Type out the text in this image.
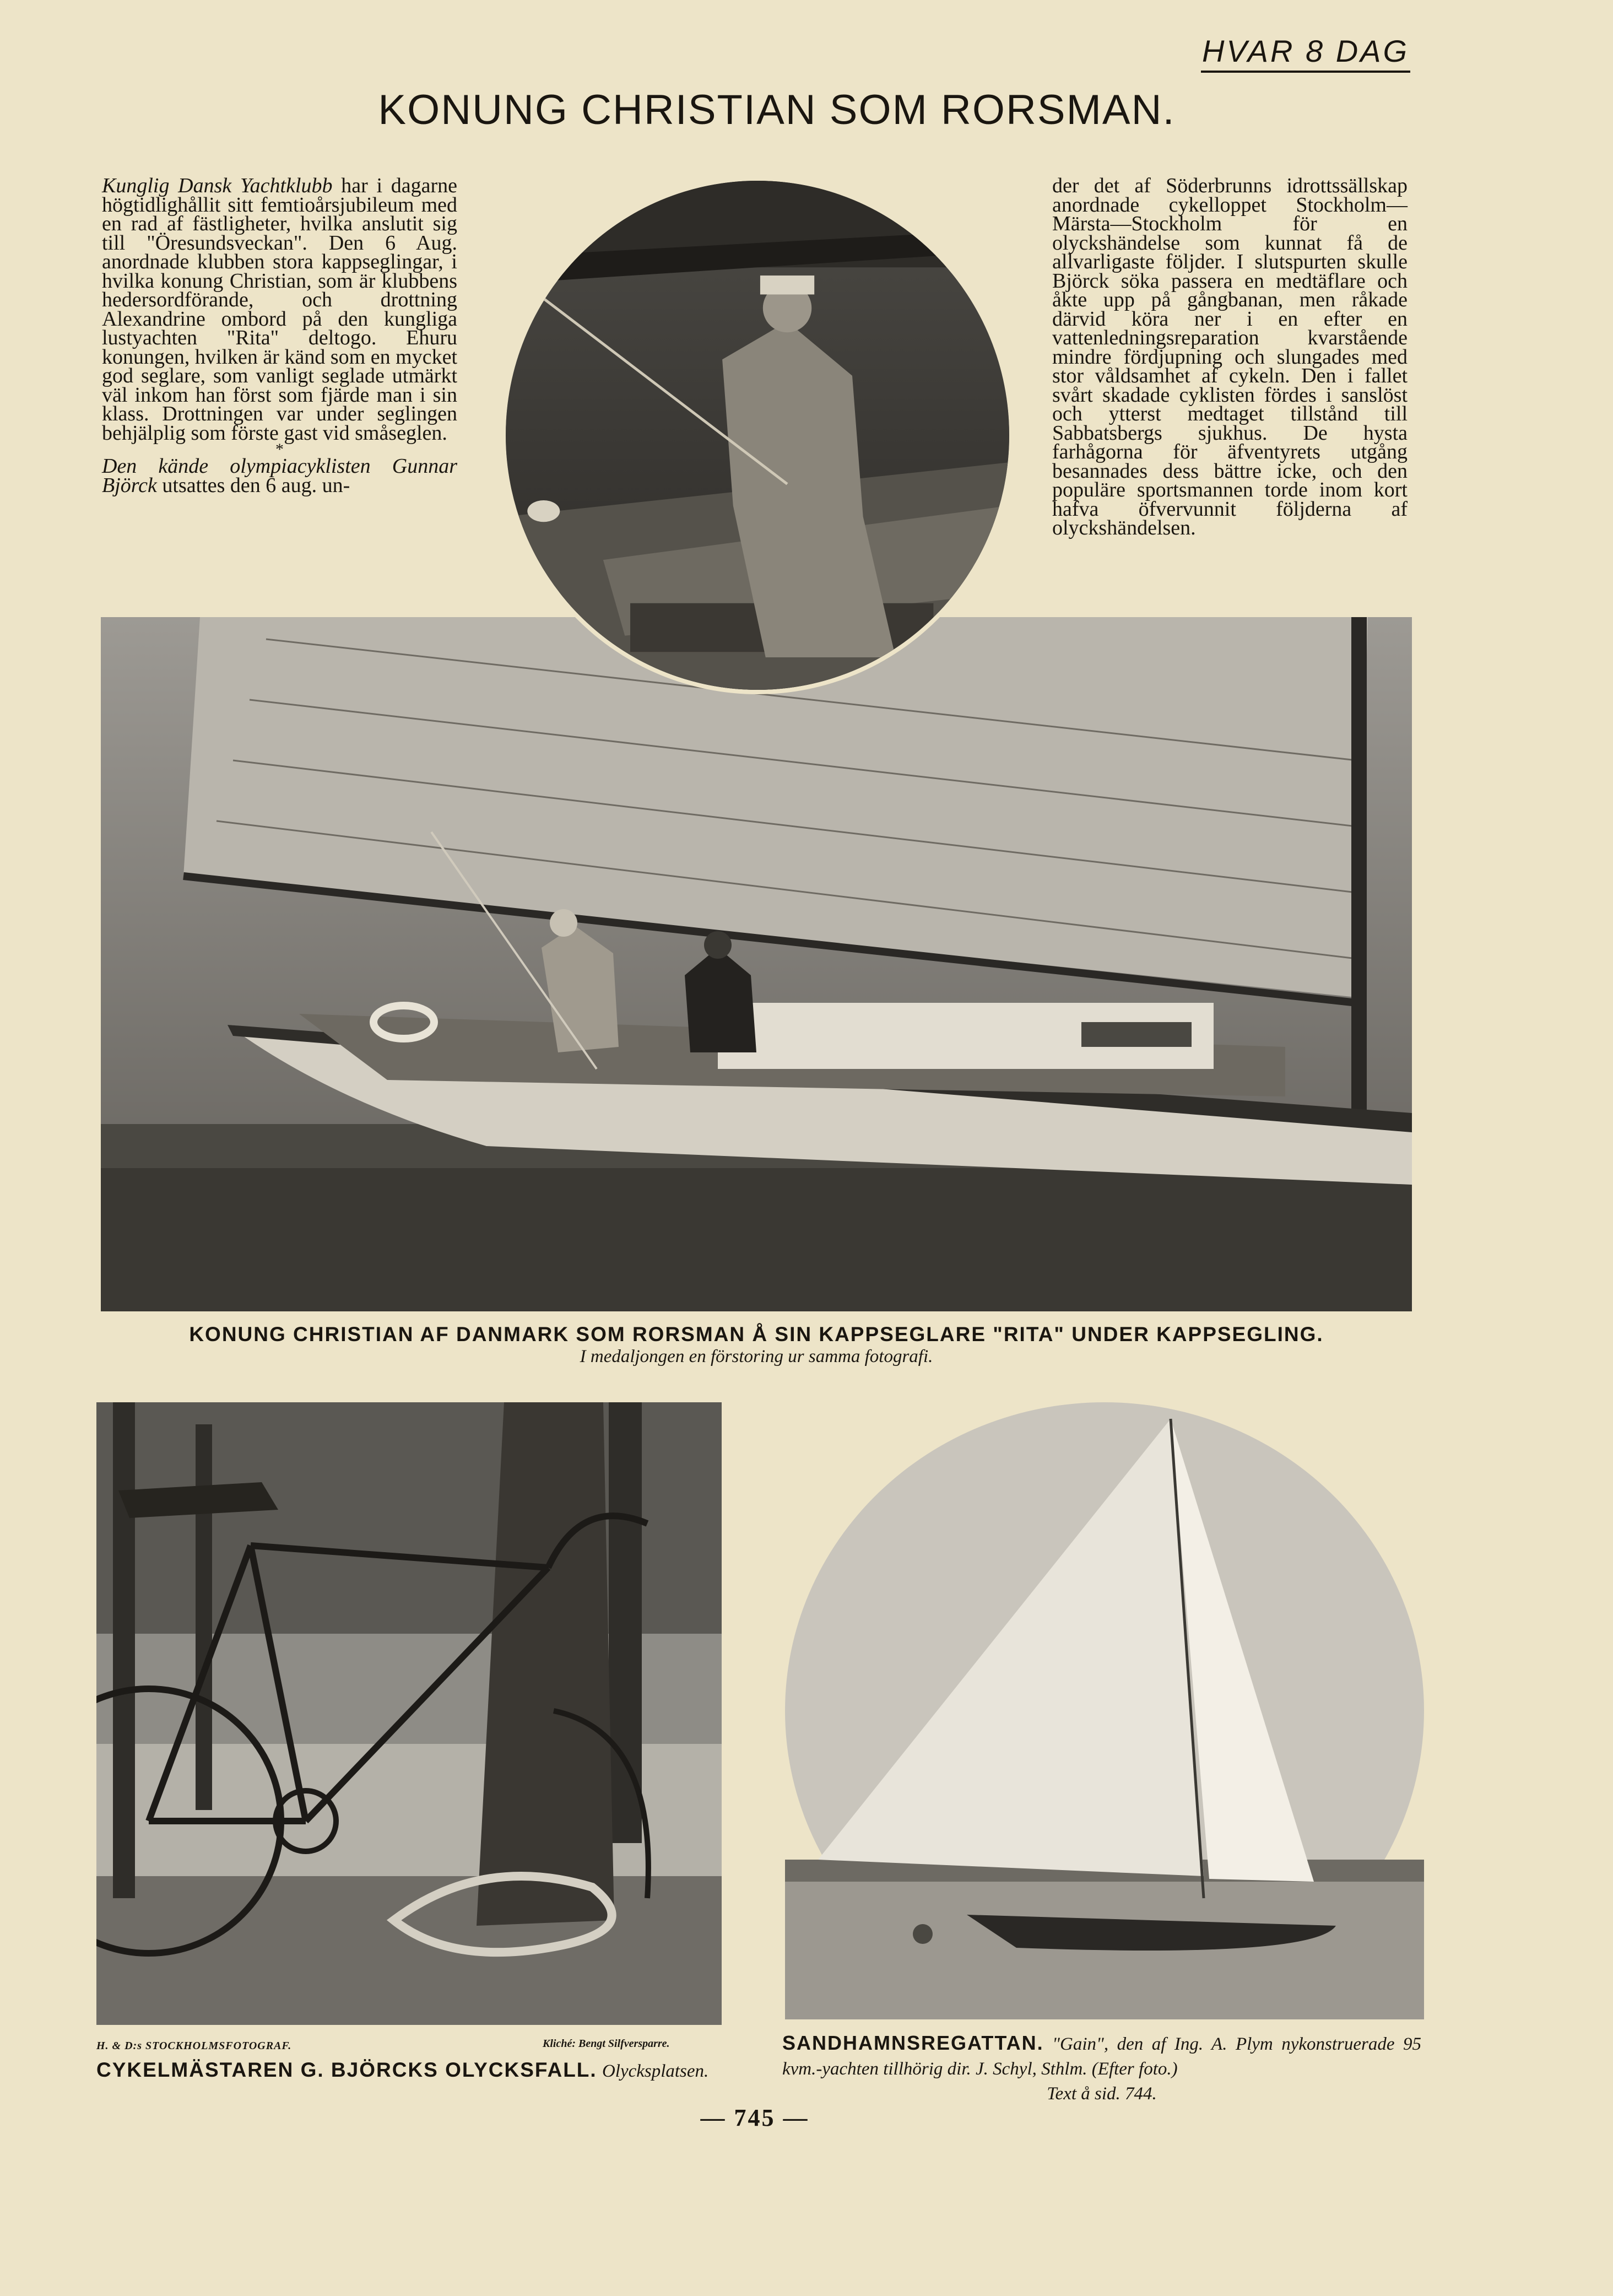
HVAR 8 DAG
KONUNG CHRISTIAN SOM RORSMAN.

Kunglig Dansk Yachtklubb har i dagarne högtidlighållit sitt femtioårsjubileum med en rad af fästligheter, hvilka anslutit sig till "Öresundsveckan". Den 6 Aug. anordnade klubben stora kappseglingar, i hvilka konung Christian, som är klubbens hedersordförande, och drottning Alexandrine ombord på den kungliga lustyachten "Rita" deltogo. Ehuru konungen, hvilken är känd som en mycket god seglare, som vanligt seglade utmärkt väl inkom han först som fjärde man i sin klass. Drottningen var under seglingen behjälplig som förste gast vid småseglen.

*

Den kände olympiacyklisten Gunnar Björck utsattes den 6 aug. un-

der det af Söderbrunns idrottssällskap anordnade cykelloppet Stockholm—Märsta—Stockholm för en olyckshändelse som kunnat få de allvarligaste följder. I slutspurten skulle Björck söka passera en medtäflare och åkte upp på gångbanan, men råkade därvid köra ner i en efter en vattenledningsreparation kvarstående mindre fördjupning och slungades med stor våldsamhet af cykeln. Den i fallet svårt skadade cyklisten fördes i sanslöst och ytterst medtaget tillstånd till Sabbatsbergs sjukhus. De hysta farhågorna för äfventyrets utgång besannades dess bättre icke, och den populäre sportsmannen torde inom kort hafva öfvervunnit följderna af olyckshändelsen.

KONUNG CHRISTIAN AF DANMARK SOM RORSMAN Å SIN KAPPSEGLARE "RITA" UNDER KAPPSEGLING.
I medaljongen en förstoring ur samma fotografi.
H. & D:s STOCKHOLMSFOTOGRAF.	Kliché: Bengt Silfversparre.
CYKELMÄSTAREN G. BJÖRCKS OLYCKSFALL. Olycksplatsen.
SANDHAMNSREGATTAN. "Gain", den af Ing. A. Plym nykonstruerade 95 kvm.-yachten tillhörig dir. J. Schyl, Sthlm. (Efter foto.)
Text å sid. 744.
— 745 —
